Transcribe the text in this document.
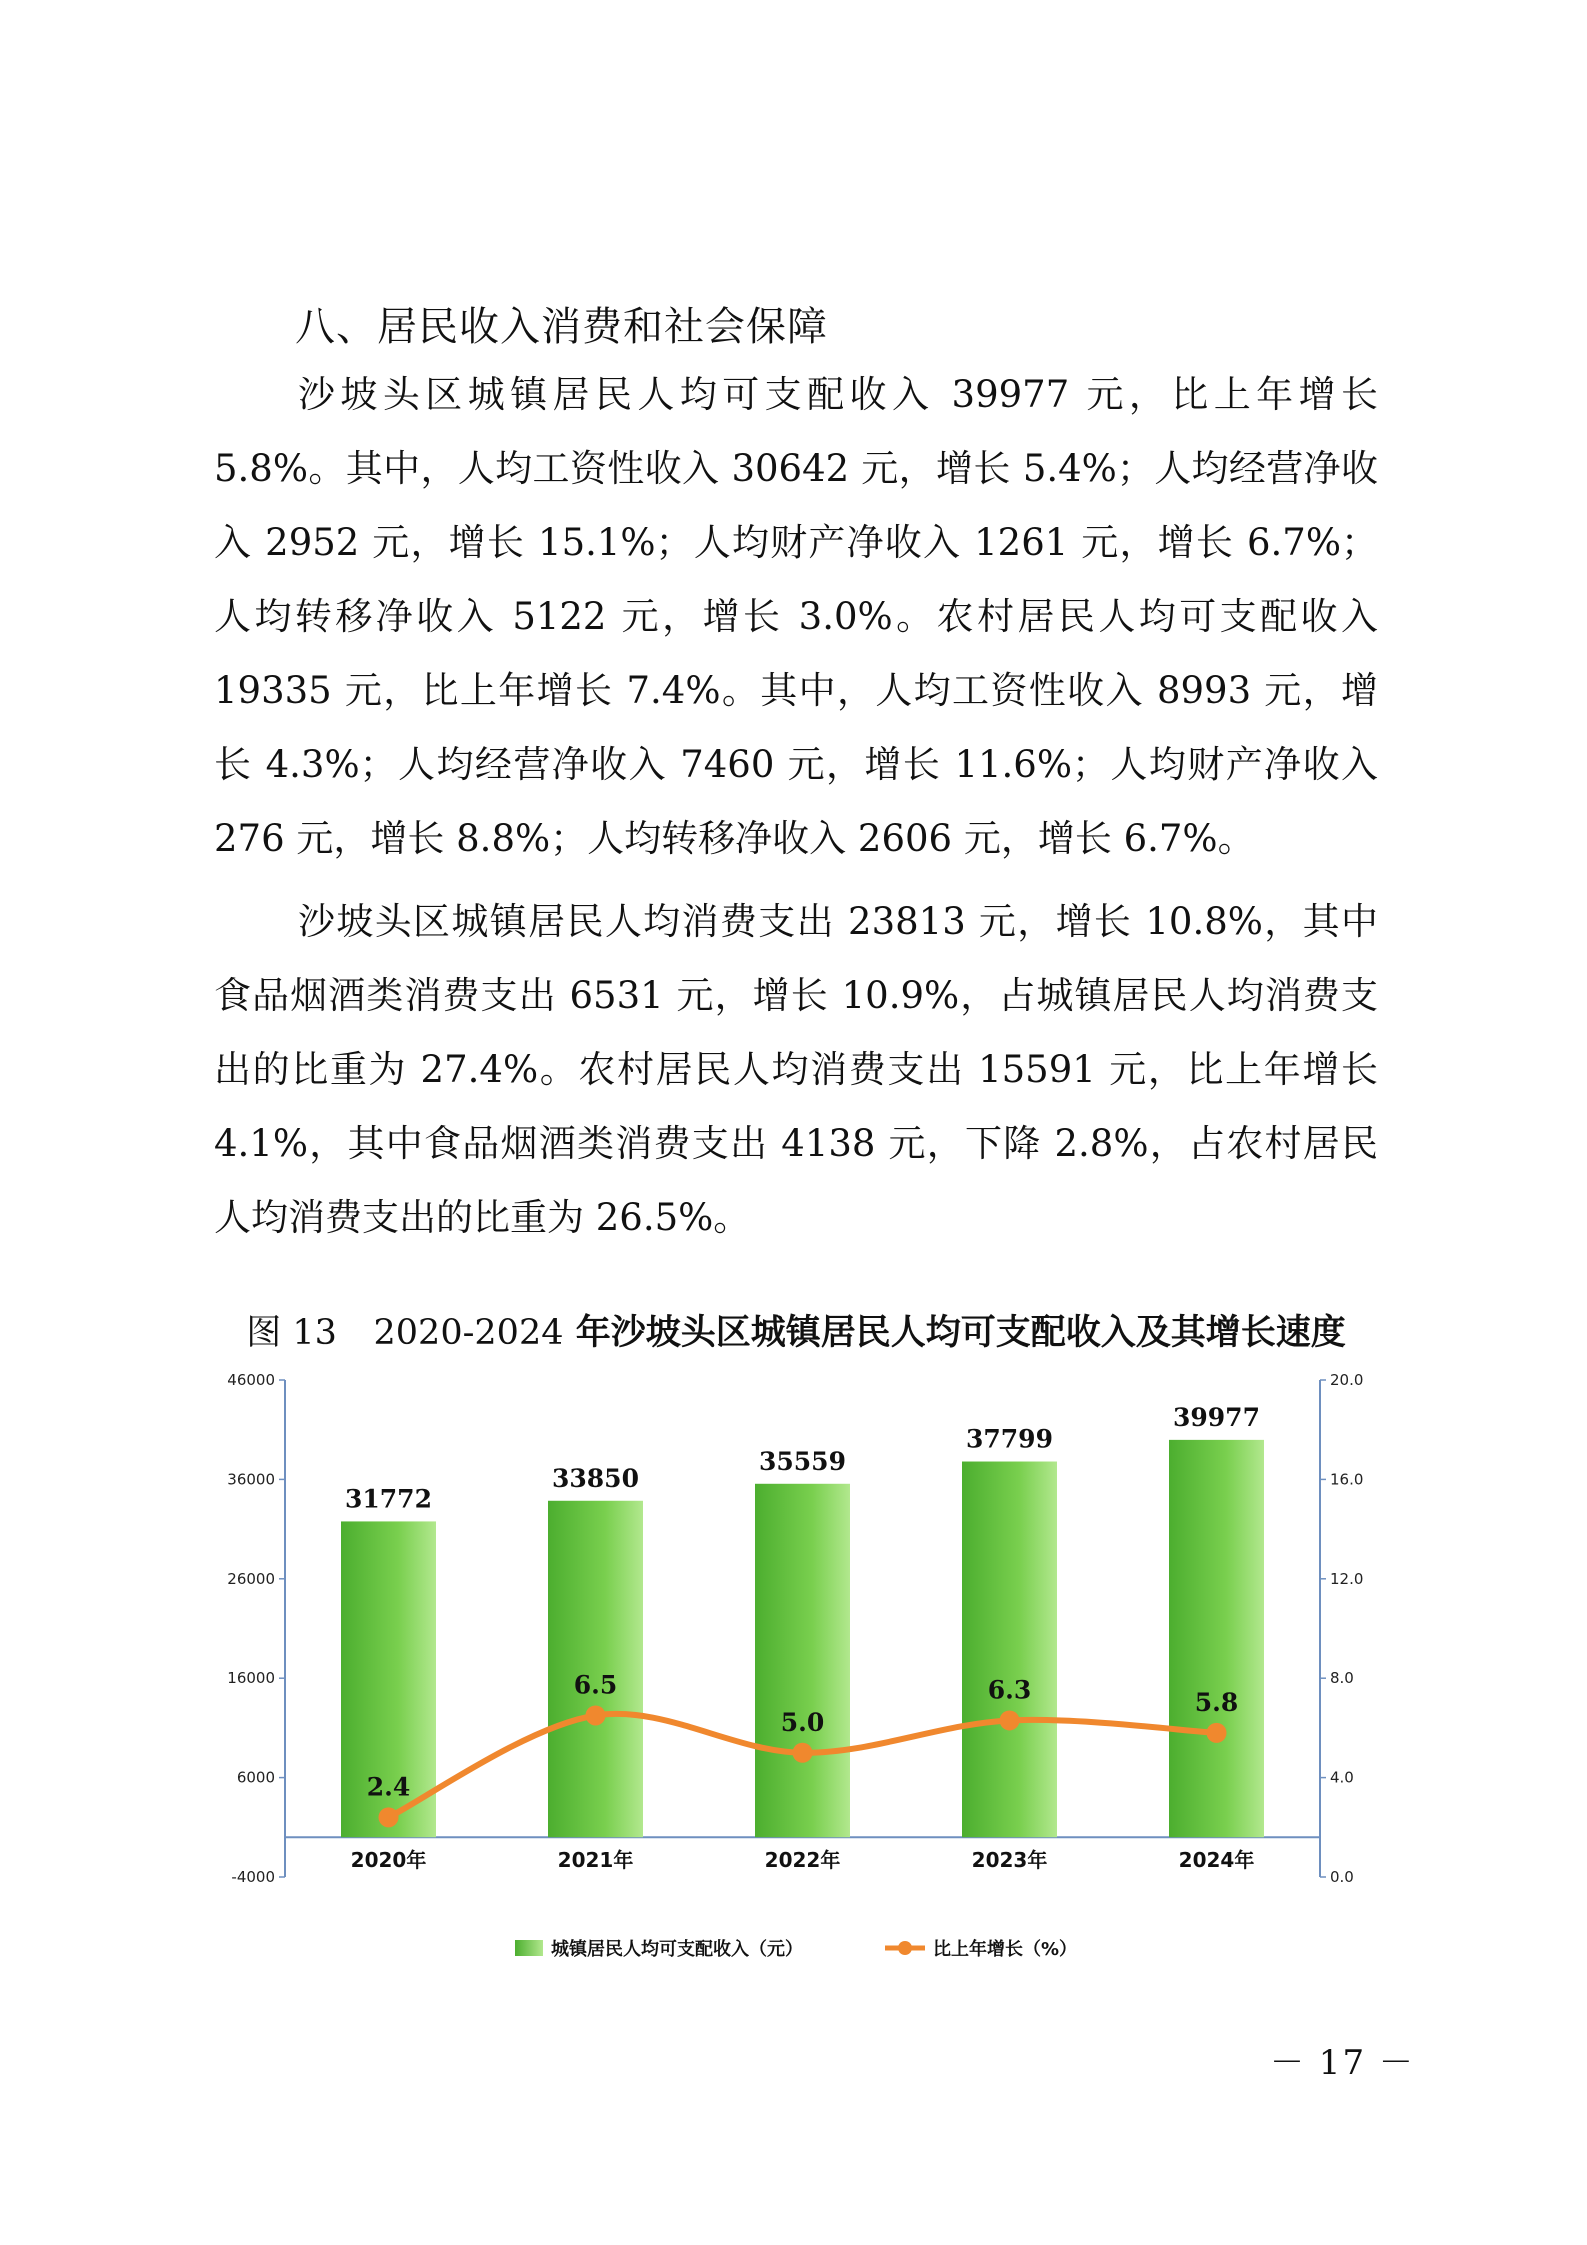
八、居民收入消费和社会保障
沙坡头区城镇居民人均可支配收入 39977 元，比上年增长 5.8%。其中，人均工资性收入 30642 元，增长 5.4%；人均经营净收入 2952 元，增长 15.1%；人均财产净收入 1261 元，增长 6.7%；人均转移净收入 5122 元，增长 3.0%。农村居民人均可支配收入 19335 元，比上年增长 7.4%。其中，人均工资性收入 8993 元，增长 4.3%；人均经营净收入 7460 元，增长 11.6%；人均财产净收入 276 元，增长 8.8%；人均转移净收入 2606 元，增长 6.7%。
沙坡头区城镇居民人均消费支出 23813 元，增长 10.8%，其中食品烟酒类消费支出 6531 元，增长 10.9%，占城镇居民人均消费支出的比重为 27.4%。农村居民人均消费支出 15591 元，比上年增长 4.1%，其中食品烟酒类消费支出 4138 元，下降 2.8%，占农村居民人均消费支出的比重为 26.5%。
图 13 2020-2024 年沙坡头区城镇居民人均可支配收入及其增长速度
46000
36000
26000
16000
6000
-4000
20.0
16.0
12.0
8.0
4.0
0.0
31772
2020年
33850
2021年
35559
2022年
37799
2023年
39977
2024年
2.4
6.5
5.0
6.3	5.8
城镇居民人均可支配收入（元）	比上年增长（%）
－ 17 －
